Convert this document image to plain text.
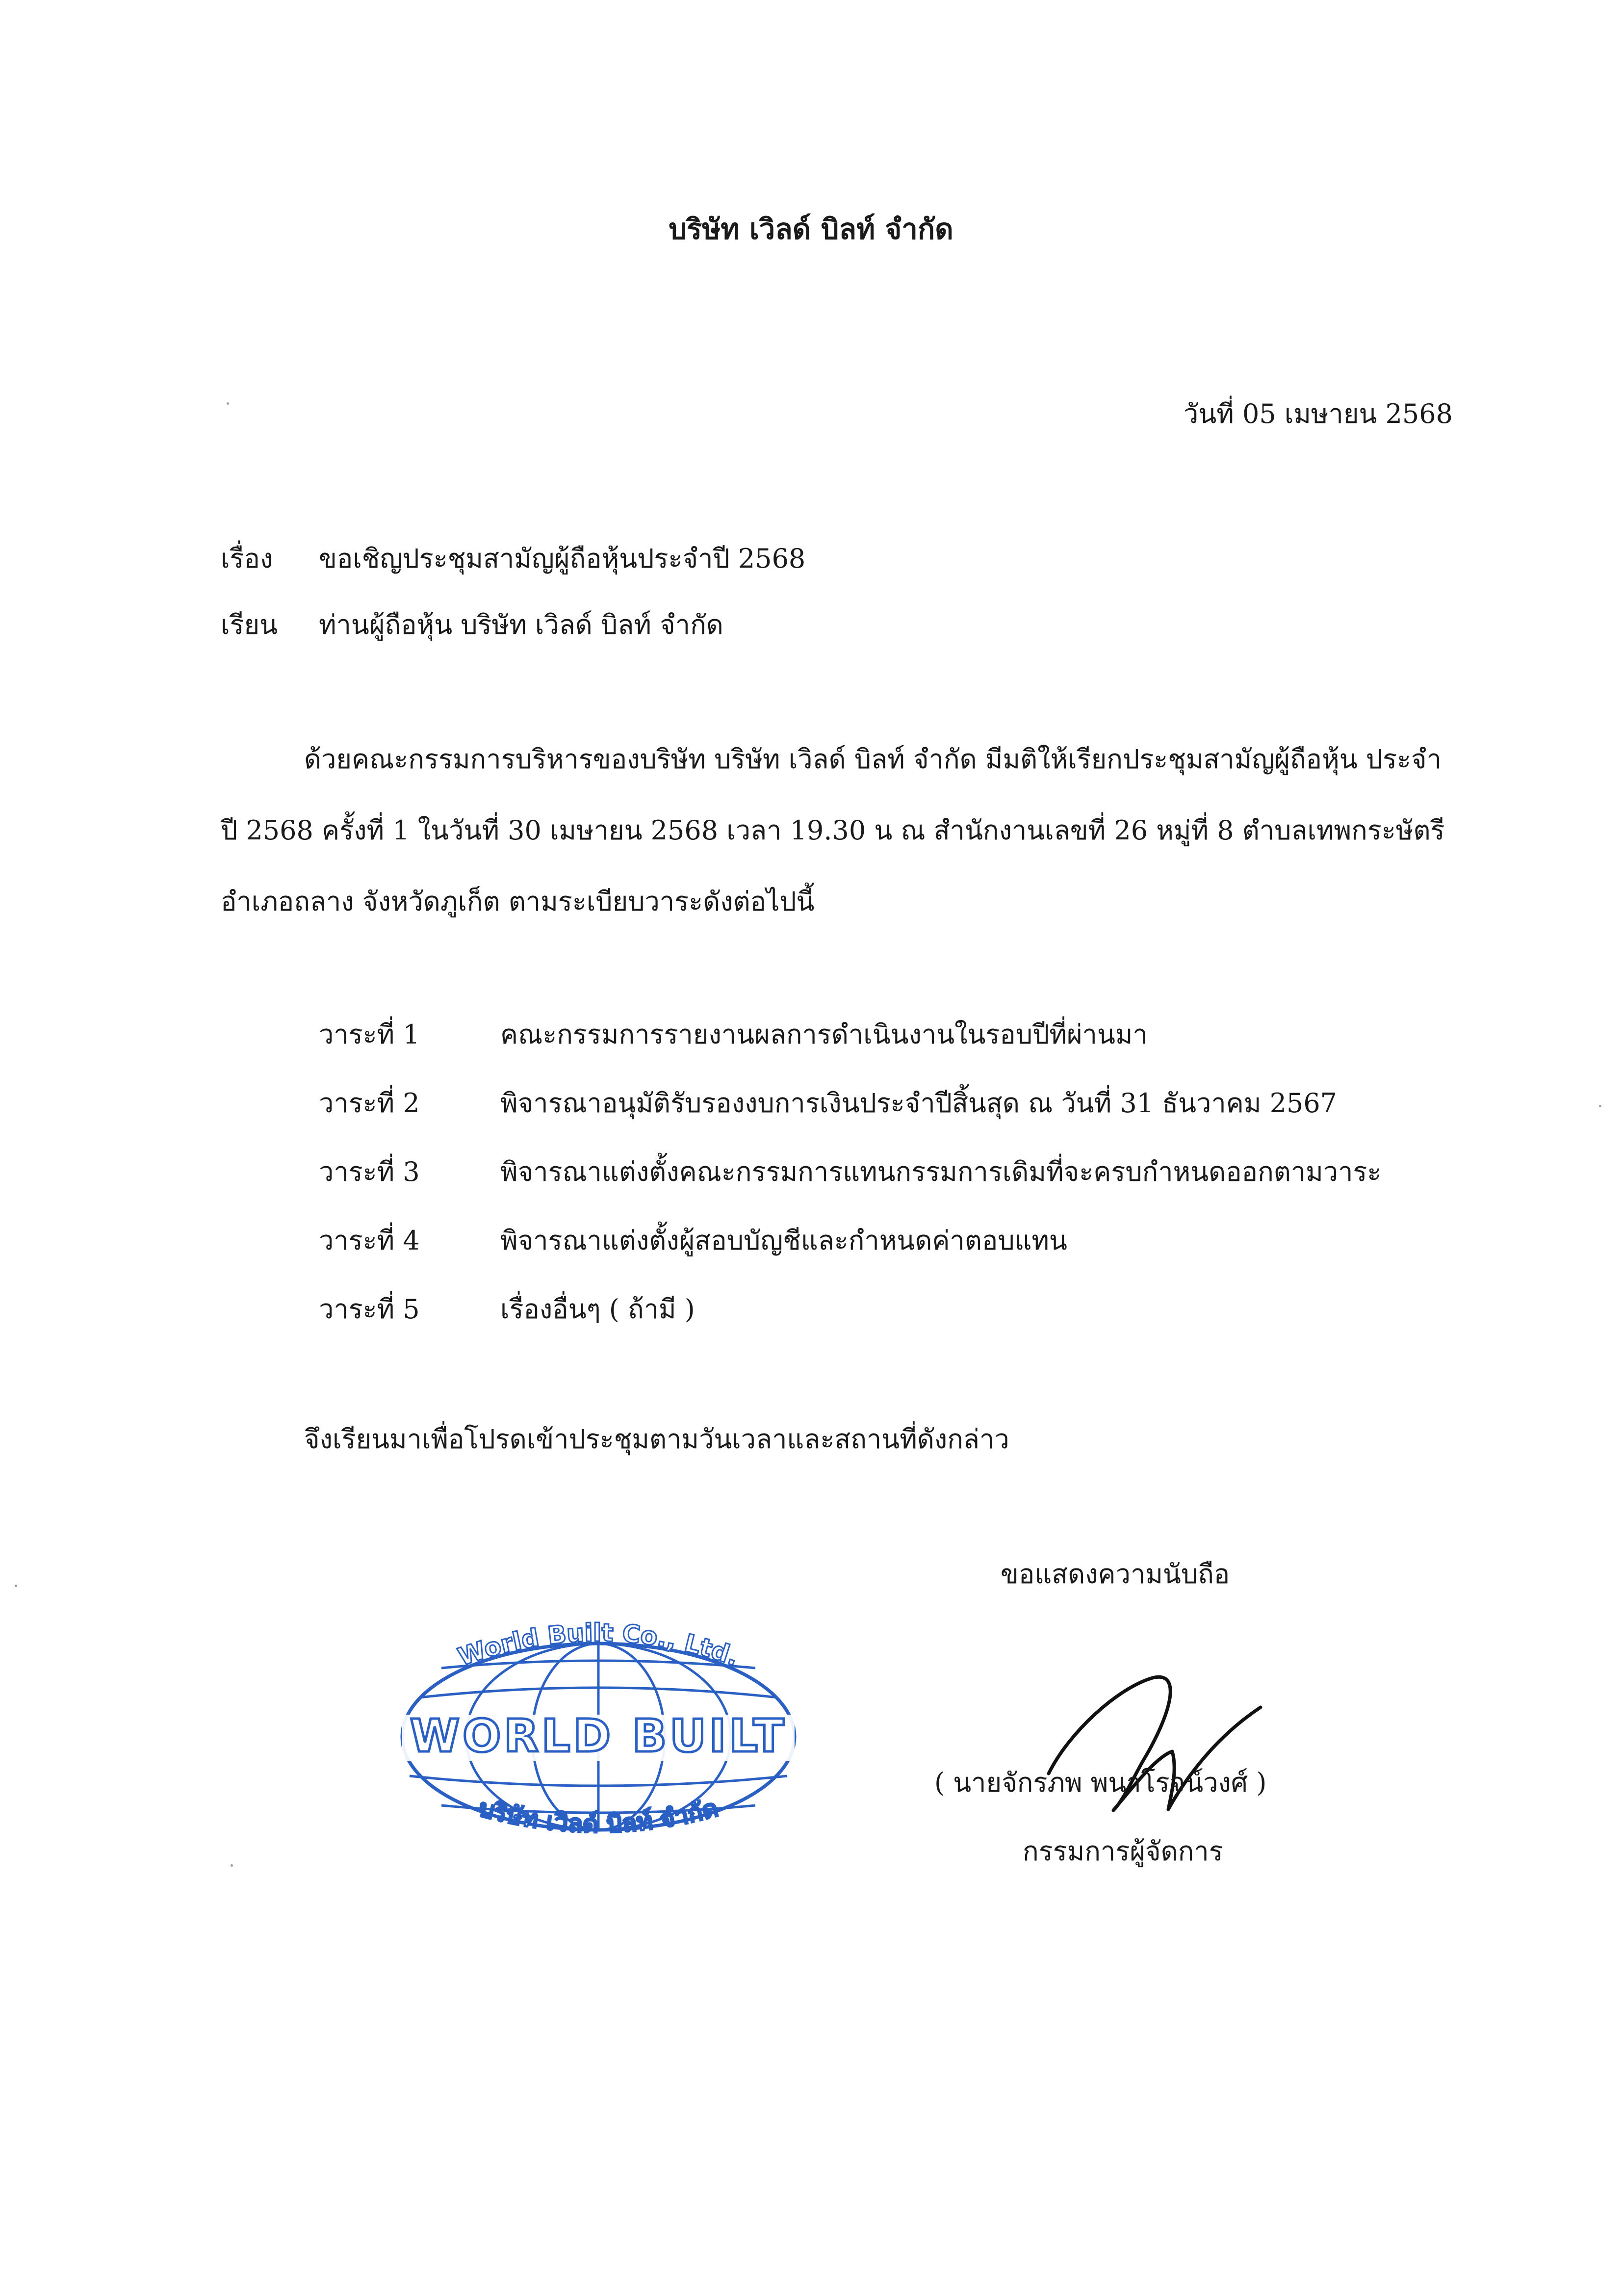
บริษัท เวิลด์ บิลท์ จำกัด
วันที่ 05 เมษายน 2568
เรื่อง ขอเชิญประชุมสามัญผู้ถือหุ้นประจำปี 2568
เรียน ท่านผู้ถือหุ้น บริษัท เวิลด์ บิลท์ จำกัด
ด้วยคณะกรรมการบริหารของบริษัท บริษัท เวิลด์ บิลท์ จำกัด มีมติให้เรียกประชุมสามัญผู้ถือหุ้น ประจำปี 2568 ครั้งที่ 1 ในวันที่ 30 เมษายน 2568 เวลา 19.30 น ณ สำนักงานเลขที่ 26 หมู่ที่ 8 ตำบลเทพกระษัตรี อำเภอถลาง จังหวัดภูเก็ต ตามระเบียบวาระดังต่อไปนี้
วาระที่ 1	คณะกรรมการรายงานผลการดำเนินงานในรอบปีที่ผ่านมา
วาระที่ 2	พิจารณาอนุมัติรับรองงบการเงินประจำปีสิ้นสุด ณ วันที่ 31 ธันวาคม 2567
วาระที่ 3	พิจารณาแต่งตั้งคณะกรรมการแทนกรรมการเดิมที่จะครบกำหนดออกตามวาระ
วาระที่ 4	พิจารณาแต่งตั้งผู้สอบบัญชีและกำหนดค่าตอบแทน
วาระที่ 5	เรื่องอื่นๆ ( ถ้ามี )
จึงเรียนมาเพื่อโปรดเข้าประชุมตามวันเวลาและสถานที่ดังกล่าว
ขอแสดงความนับถือ
WORLD BUILT
World Built Co., Ltd.
บริษัท เวิลด์ บิลท์ จำกัด
( นายจักรภพ พนาโรจน์วงศ์ )
กรรมการผู้จัดการ
